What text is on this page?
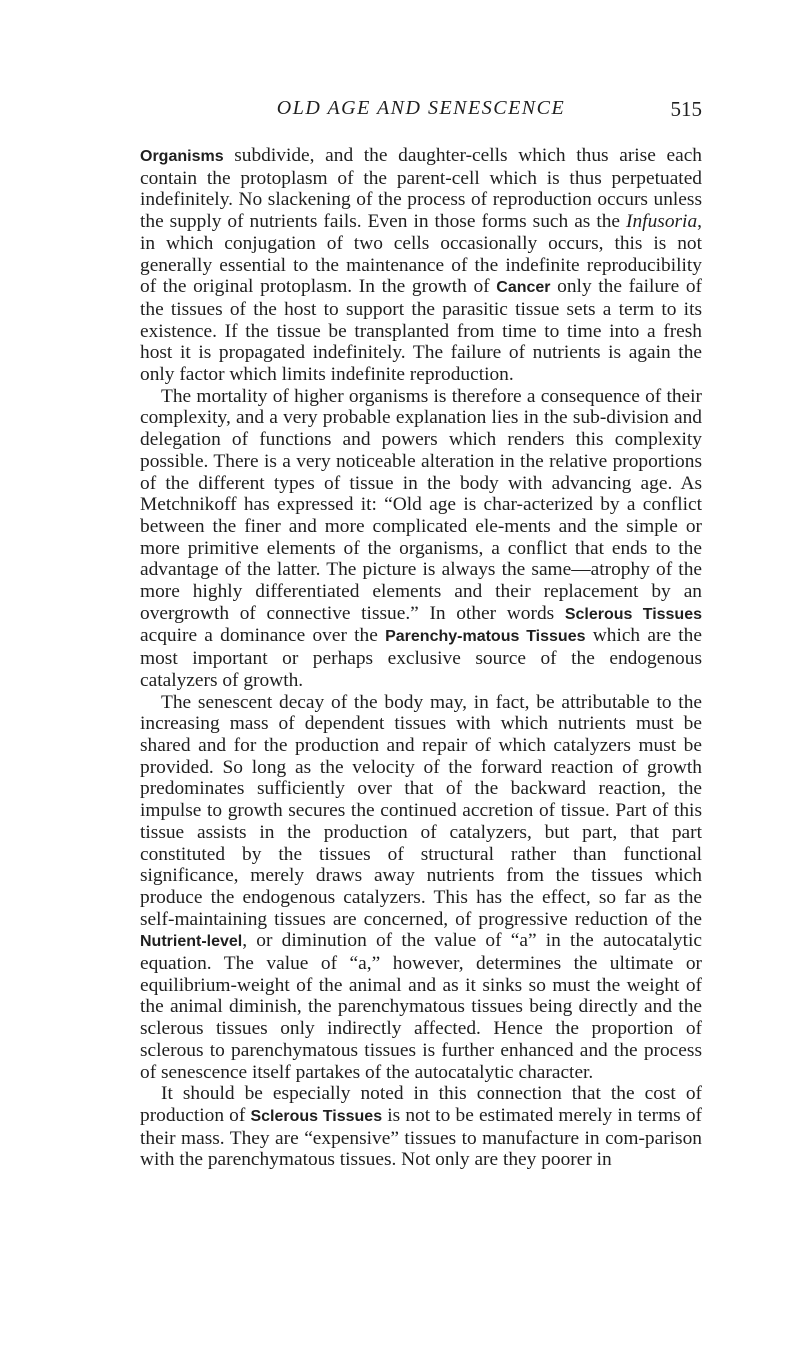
OLD AGE AND SENESCENCE	515

Organisms subdivide, and the daughter-cells which thus arise each contain the protoplasm of the parent-cell which is thus perpetuated indefinitely. No slackening of the process of reproduction occurs unless the supply of nutrients fails. Even in those forms such as the Infusoria, in which conjugation of two cells occasionally occurs, this is not generally essential to the maintenance of the indefinite reproducibility of the original protoplasm. In the growth of Cancer only the failure of the tissues of the host to support the parasitic tissue sets a term to its existence. If the tissue be transplanted from time to time into a fresh host it is propagated indefinitely. The failure of nutrients is again the only factor which limits indefinite reproduction.

The mortality of higher organisms is therefore a consequence of their complexity, and a very probable explanation lies in the sub-division and delegation of functions and powers which renders this complexity possible. There is a very noticeable alteration in the relative proportions of the different types of tissue in the body with advancing age. As Metchnikoff has expressed it: “Old age is char-acterized by a conflict between the finer and more complicated ele-ments and the simple or more primitive elements of the organisms, a conflict that ends to the advantage of the latter. The picture is always the same—atrophy of the more highly differentiated elements and their replacement by an overgrowth of connective tissue.” In other words Sclerous Tissues acquire a dominance over the Parenchy-matous Tissues which are the most important or perhaps exclusive source of the endogenous catalyzers of growth.

The senescent decay of the body may, in fact, be attributable to the increasing mass of dependent tissues with which nutrients must be shared and for the production and repair of which catalyzers must be provided. So long as the velocity of the forward reaction of growth predominates sufficiently over that of the backward reaction, the impulse to growth secures the continued accretion of tissue. Part of this tissue assists in the production of catalyzers, but part, that part constituted by the tissues of structural rather than functional significance, merely draws away nutrients from the tissues which produce the endogenous catalyzers. This has the effect, so far as the self-maintaining tissues are concerned, of progressive reduction of the Nutrient-level, or diminution of the value of “a” in the autocatalytic equation. The value of “a,” however, determines the ultimate or equilibrium-weight of the animal and as it sinks so must the weight of the animal diminish, the parenchymatous tissues being directly and the sclerous tissues only indirectly affected. Hence the proportion of sclerous to parenchymatous tissues is further enhanced and the process of senescence itself partakes of the autocatalytic character.

It should be especially noted in this connection that the cost of production of Sclerous Tissues is not to be estimated merely in terms of their mass. They are “expensive” tissues to manufacture in com-parison with the parenchymatous tissues. Not only are they poorer in
